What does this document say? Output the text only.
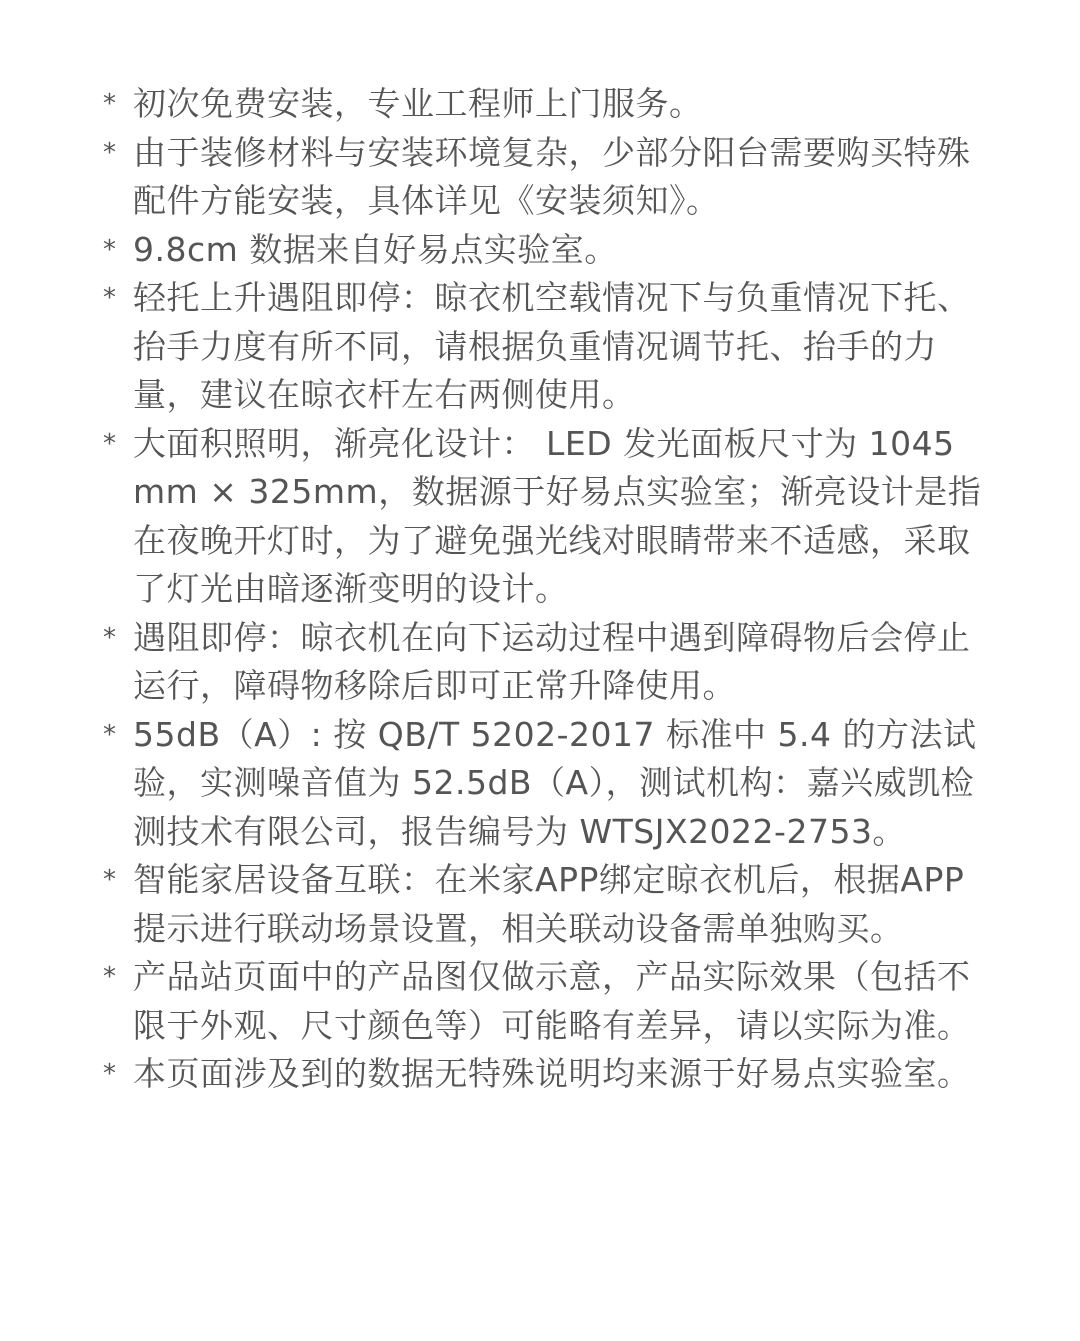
* 初次免费安装，专业工程师上门服务。
* 由于装修材料与安装环境复杂，少部分阳台需要购买特殊配件方能安装，具体详见《安装须知》。
* 9.8cm 数据来自好易点实验室。
* 轻托上升遇阻即停：晾衣机空载情况下与负重情况下托、抬手力度有所不同，请根据负重情况调节托、抬手的力量，建议在晾衣杆左右两侧使用。
* 大面积照明，渐亮化设计： LED 发光面板尺寸为 1045mm × 325mm，数据源于好易点实验室；渐亮设计是指在夜晚开灯时，为了避免强光线对眼睛带来不适感，采取了灯光由暗逐渐变明的设计。
* 遇阻即停：晾衣机在向下运动过程中遇到障碍物后会停止运行，障碍物移除后即可正常升降使用。
* 55dB（A）: 按 QB/T 5202-2017 标准中 5.4 的方法试验，实测噪音值为 52.5dB（A），测试机构：嘉兴威凯检测技术有限公司，报告编号为 WTSJX2022-2753。
* 智能家居设备互联：在米家APP绑定晾衣机后，根据APP提示进行联动场景设置，相关联动设备需单独购买。
* 产品站页面中的产品图仅做示意，产品实际效果（包括不限于外观、尺寸颜色等）可能略有差异，请以实际为准。
* 本页面涉及到的数据无特殊说明均来源于好易点实验室。
